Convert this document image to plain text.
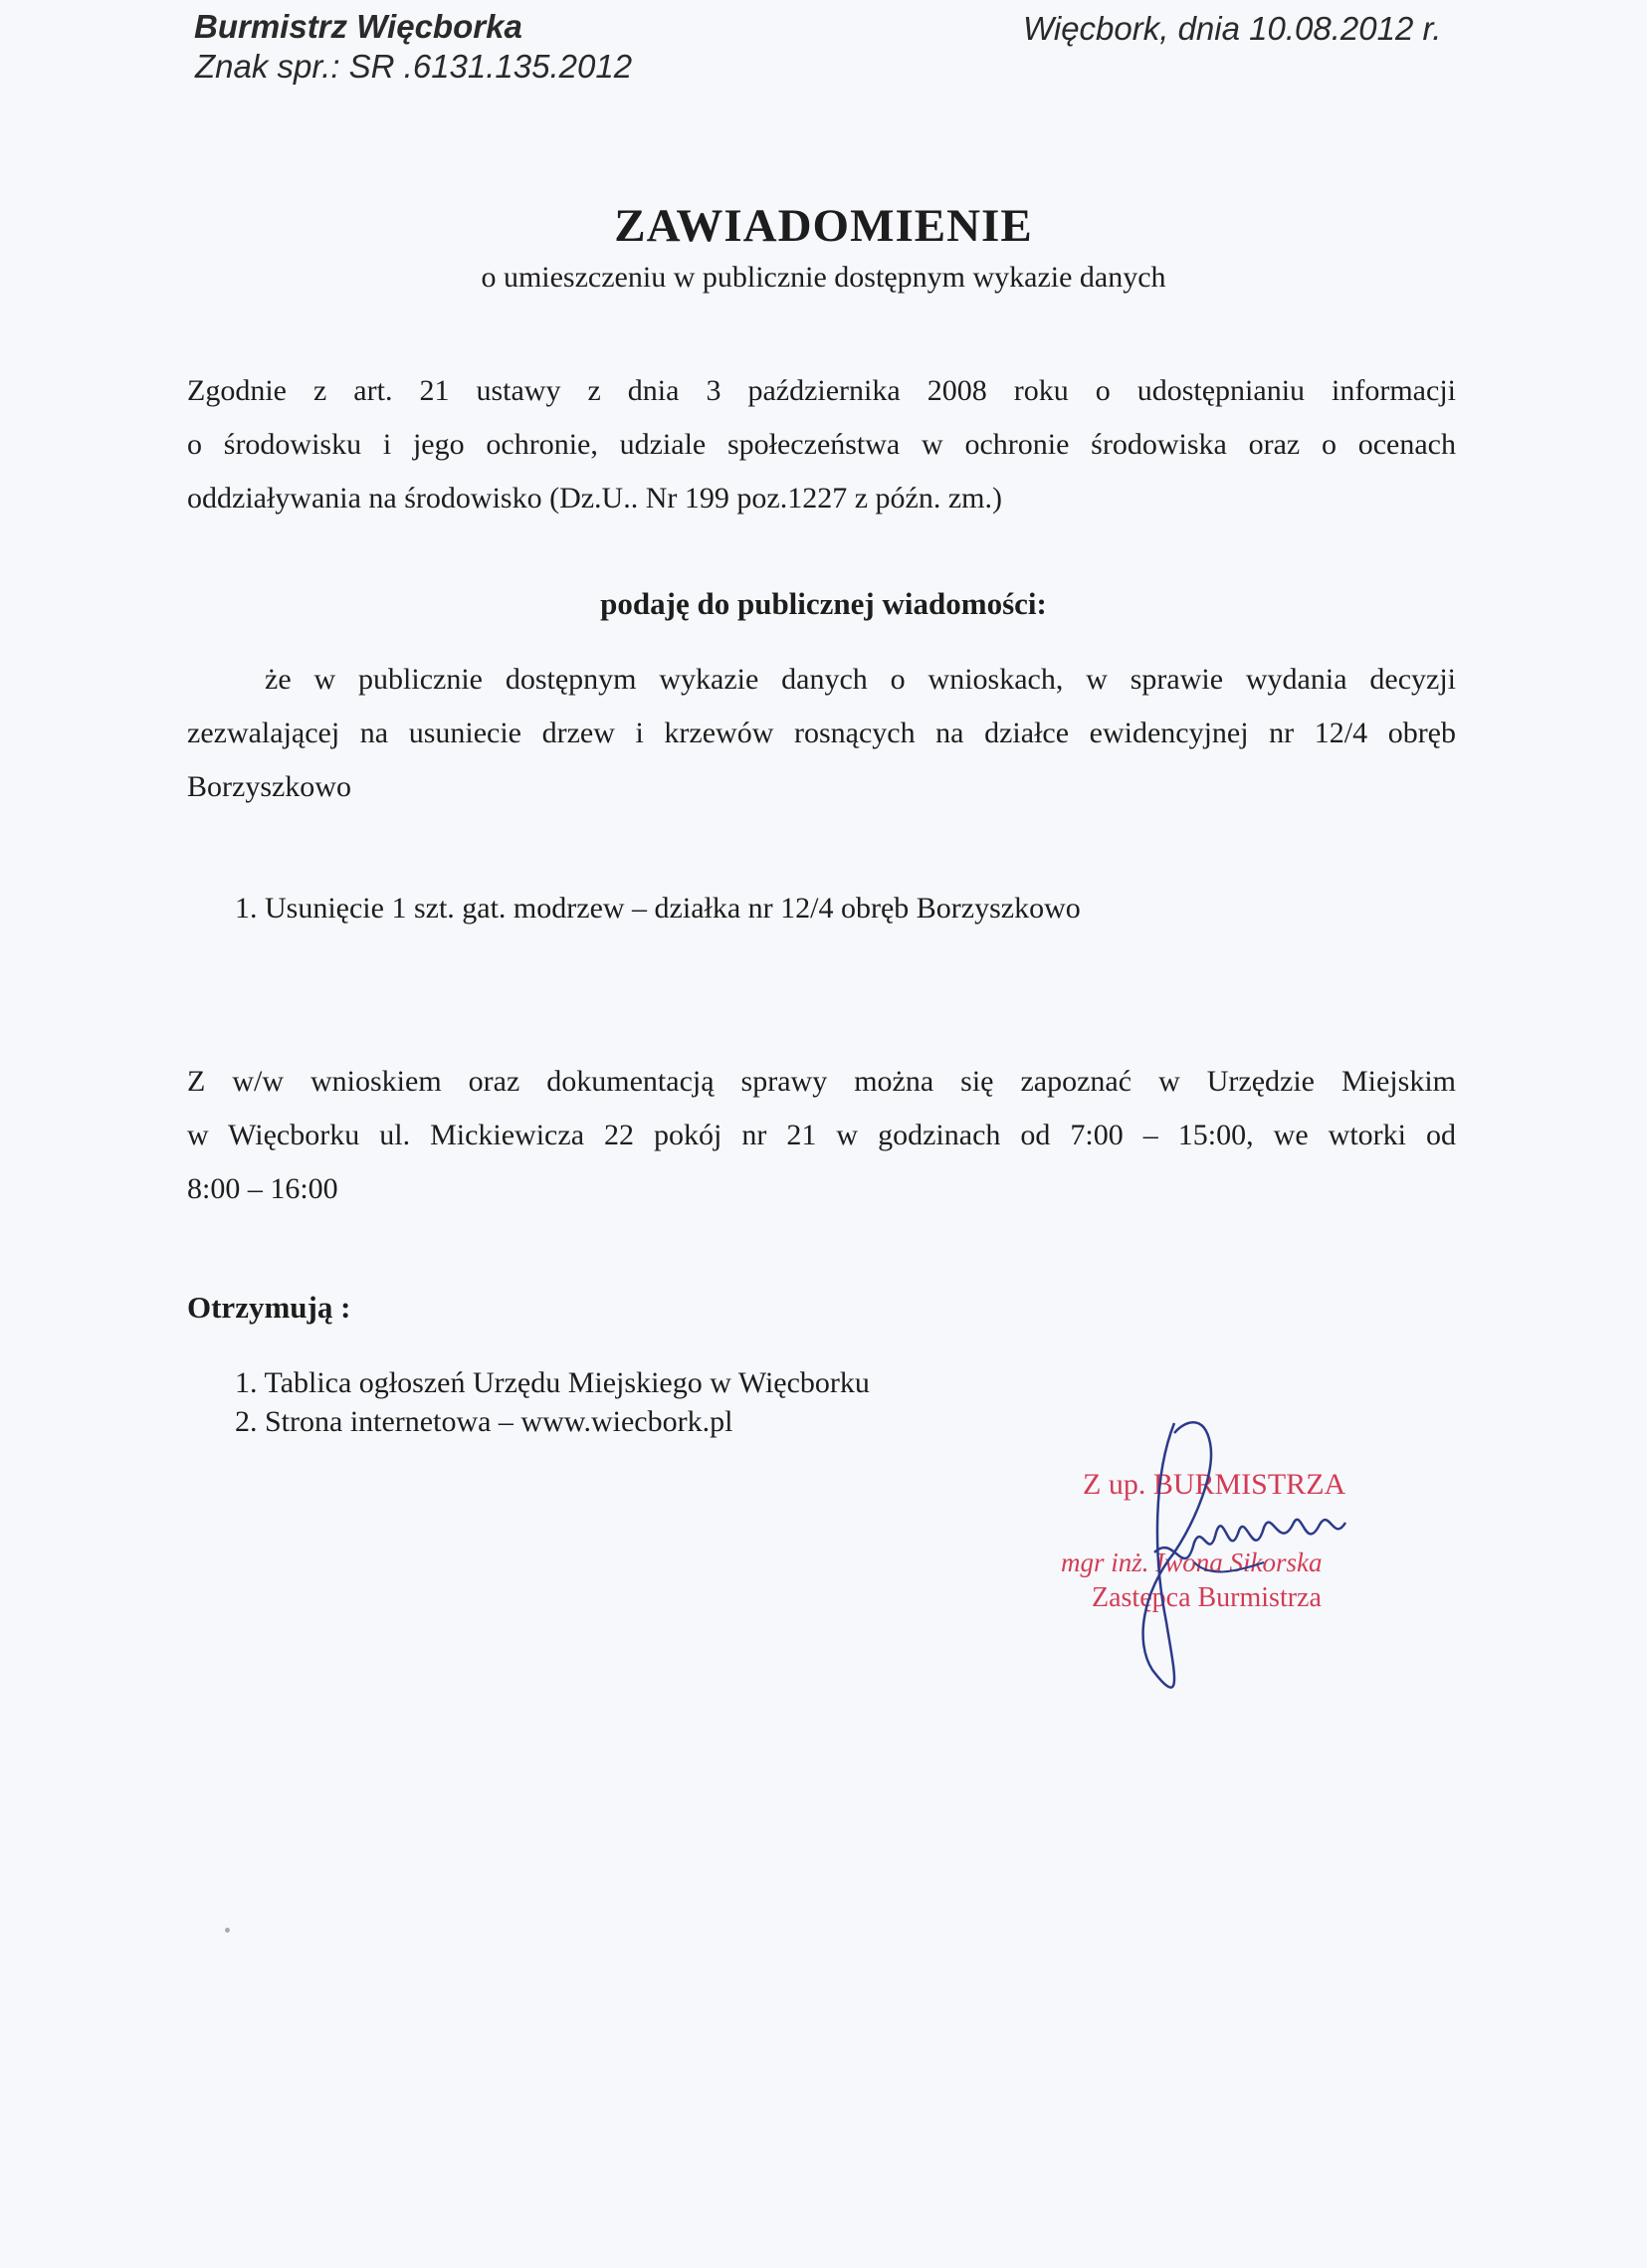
Burmistrz Więcborka	Więcbork, dnia 10.08.2012 r.
Znak spr.: SR .6131.135.2012
ZAWIADOMIENIE
o umieszczeniu w publicznie dostępnym wykazie danych
Zgodnie z art. 21 ustawy z dnia 3 października 2008 roku o udostępnianiu informacji
o środowisku i jego ochronie, udziale społeczeństwa w ochronie środowiska oraz o ocenach
oddziaływania na środowisko (Dz.U.. Nr 199 poz.1227 z późn. zm.)
podaję do publicznej wiadomości:
że w publicznie dostępnym wykazie danych o wnioskach, w sprawie wydania decyzji
zezwalającej na usuniecie drzew i krzewów rosnących na działce ewidencyjnej nr 12/4 obręb
Borzyszkowo
1. Usunięcie 1 szt. gat. modrzew – działka nr 12/4 obręb Borzyszkowo
Z w/w wnioskiem oraz dokumentacją sprawy można się zapoznać w Urzędzie Miejskim
w Więcborku ul. Mickiewicza 22 pokój nr 21 w godzinach od 7:00 – 15:00, we wtorki od
8:00 – 16:00
Otrzymują :
1. Tablica ogłoszeń Urzędu Miejskiego w Więcborku
2. Strona internetowa – www.wiecbork.pl
Z up. BURMISTRZA
mgr inż. Iwona Sikorska
Zastępca Burmistrza
